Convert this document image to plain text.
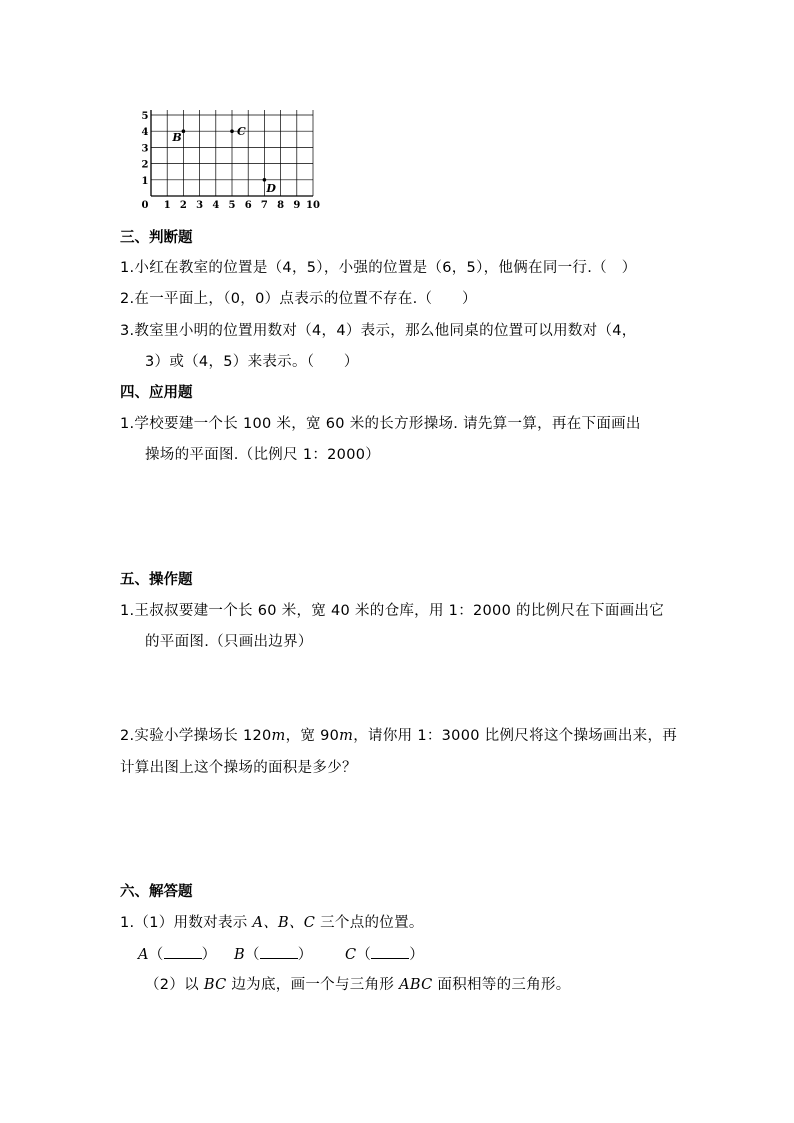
0 1 2 3 4 5 6 7 8 9 10
1
2
3
4
5
B	C
D
三、判断题
1.小红在教室的位置是（4，5），小强的位置是（6，5），他俩在同一行.（　）
2.在一平面上，（0，0）点表示的位置不存在.（　　）
3.教室里小明的位置用数对（4，4）表示，那么他同桌的位置可以用数对（4，
3）或（4，5）来表示。（　　）
四、应用题
1.学校要建一个长 100 米，宽 60 米的长方形操场. 请先算一算，再在下面画出
操场的平面图.（比例尺 1：2000）
五、操作题
1.王叔叔要建一个长 60 米，宽 40 米的仓库，用 1：2000 的比例尺在下面画出它
的平面图.（只画出边界）
2.实验小学操场长 120m，宽 90m，请你用 1：3000 比例尺将这个操场画出来，再
计算出图上这个操场的面积是多少？
六、解答题
1.（1）用数对表示 A、B、C 三个点的位置。
A（	） B（	） C（	）
（2）以 BC 边为底，画一个与三角形 ABC 面积相等的三角形。
